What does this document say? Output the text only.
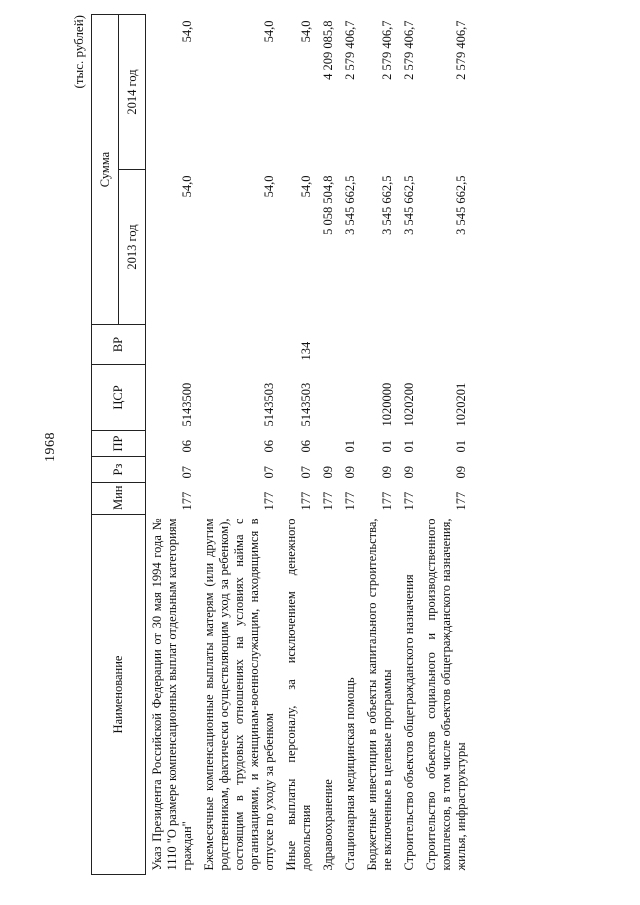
1968
(тыс. рублей)
Наименование	Мин	Рз	ПР	ЦСР	ВР	Сумма	
						2013 год	2014 год
Указ Президента Российской Федерации от 30 мая 1994 года № 1110 "О размере компенсационных выплат отдельным категориям граждан"	177	07	06	5143500		54,0	54,0
Ежемесячные компенсационные выплаты матерям (или другим родственникам, фактически осуществляющим уход за ребенком), состоящим в трудовых отношениях на условиях найма с организациями, и женщинам-военнослужащим, находящимся в отпуске по уходу за ребенком	177	07	06	5143503		54,0	54,0
Иные выплаты персоналу, за исключением денежного довольствия	177	07	06	5143503	134	54,0	54,0
Здравоохранение	177	09				5 058 504,8	4 209 085,8
Стационарная медицинская помощь	177	09	01			3 545 662,5	2 579 406,7
Бюджетные инвестиции в объекты капитального строительства, не включенные в целевые программы	177	09	01	1020000		3 545 662,5	2 579 406,7
Строительство объектов общегражданского назначения	177	09	01	1020200		3 545 662,5	2 579 406,7
Строительство объектов социального и производственного комплексов, в том числе объектов общегражданского назначения, жилья, инфраструктуры	177	09	01	1020201		3 545 662,5	2 579 406,7
